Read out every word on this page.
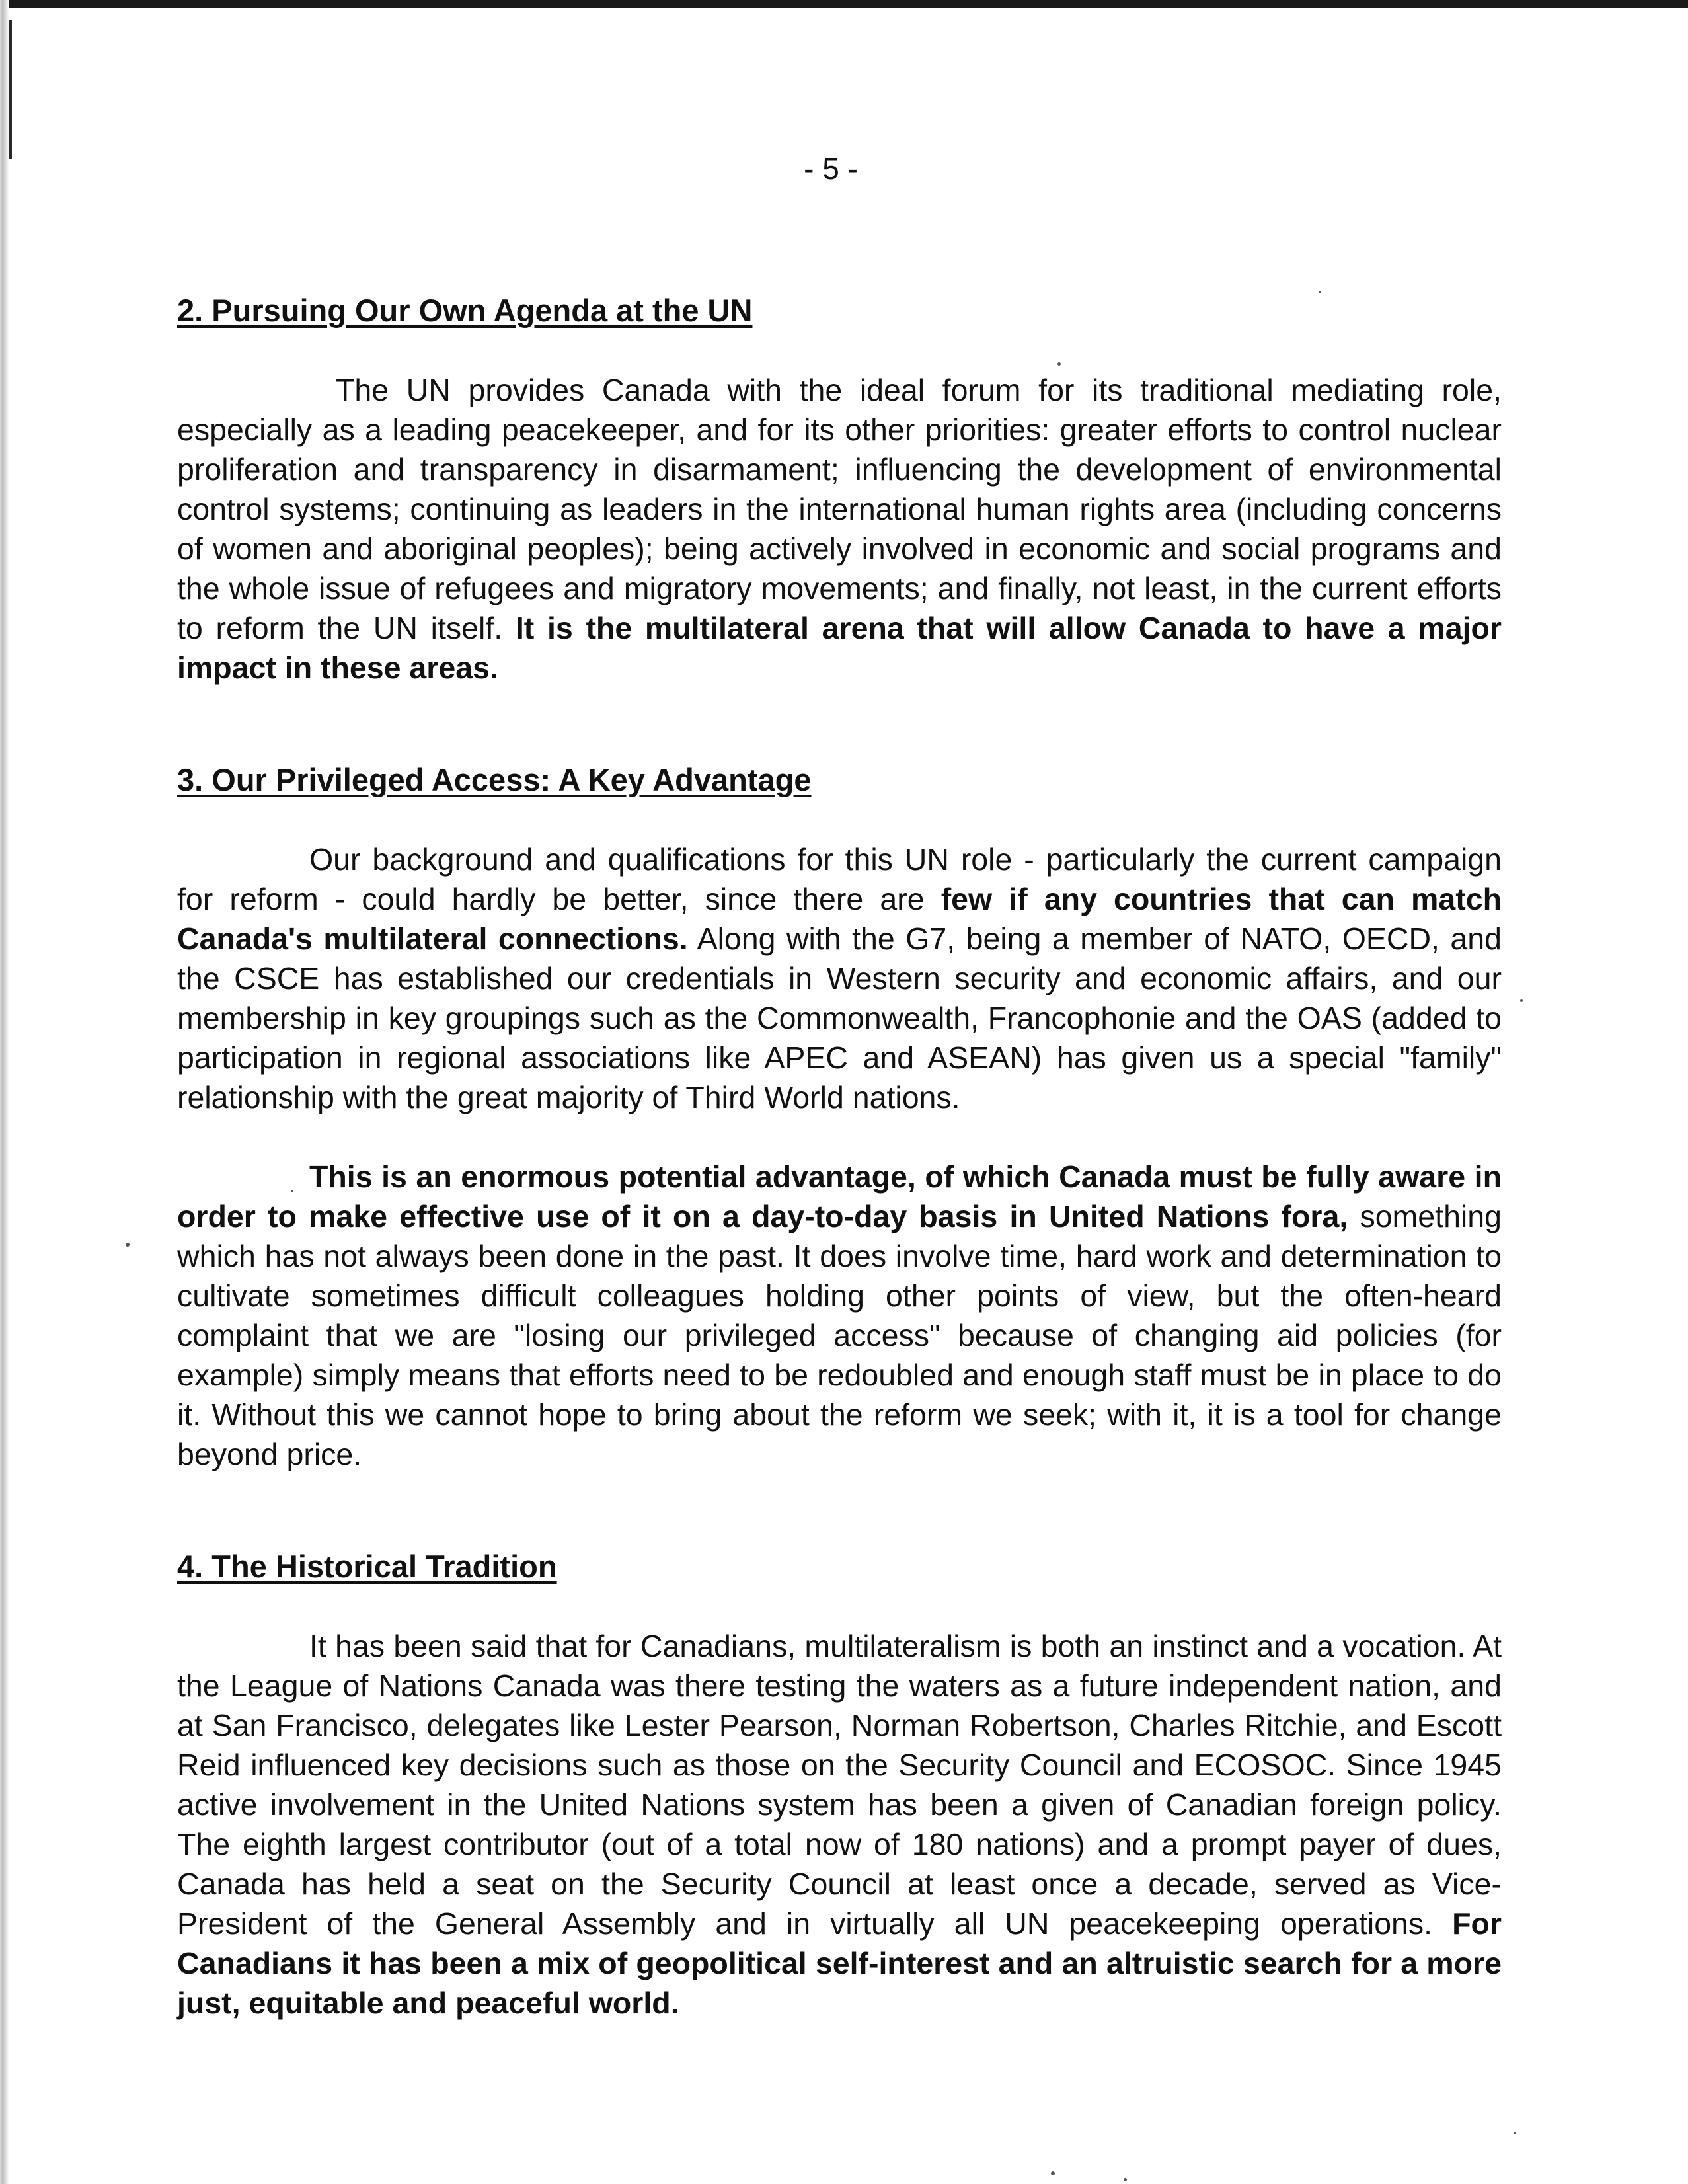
- 5 -
2. Pursuing Our Own Agenda at the UN

The UN provides Canada with the ideal forum for its traditional mediating role, especially as a leading peacekeeper, and for its other priorities: greater efforts to control nuclear proliferation and transparency in disarmament; influencing the development of environmental control systems; continuing as leaders in the international human rights area (including concerns of women and aboriginal peoples); being actively involved in economic and social programs and the whole issue of refugees and migratory movements; and finally, not least, in the current efforts to reform the UN itself. It is the multilateral arena that will allow Canada to have a major impact in these areas.

3. Our Privileged Access: A Key Advantage

Our background and qualifications for this UN role - particularly the current campaign for reform - could hardly be better, since there are few if any countries that can match Canada's multilateral connections. Along with the G7, being a member of NATO, OECD, and the CSCE has established our credentials in Western security and economic affairs, and our membership in key groupings such as the Commonwealth, Francophonie and the OAS (added to participation in regional associations like APEC and ASEAN) has given us a special "family" relationship with the great majority of Third World nations.

This is an enormous potential advantage, of which Canada must be fully aware in order to make effective use of it on a day-to-day basis in United Nations fora, something which has not always been done in the past. It does involve time, hard work and determination to cultivate sometimes difficult colleagues holding other points of view, but the often-heard complaint that we are "losing our privileged access" because of changing aid policies (for example) simply means that efforts need to be redoubled and enough staff must be in place to do it. Without this we cannot hope to bring about the reform we seek; with it, it is a tool for change beyond price.

4. The Historical Tradition

It has been said that for Canadians, multilateralism is both an instinct and a vocation. At the League of Nations Canada was there testing the waters as a future independent nation, and at San Francisco, delegates like Lester Pearson, Norman Robertson, Charles Ritchie, and Escott Reid influenced key decisions such as those on the Security Council and ECOSOC. Since 1945 active involvement in the United Nations system has been a given of Canadian foreign policy. The eighth largest contributor (out of a total now of 180 nations) and a prompt payer of dues, Canada has held a seat on the Security Council at least once a decade, served as Vice-President of the General Assembly and in virtually all UN peacekeeping operations. For Canadians it has been a mix of geopolitical self-interest and an altruistic search for a more just, equitable and peaceful world.
